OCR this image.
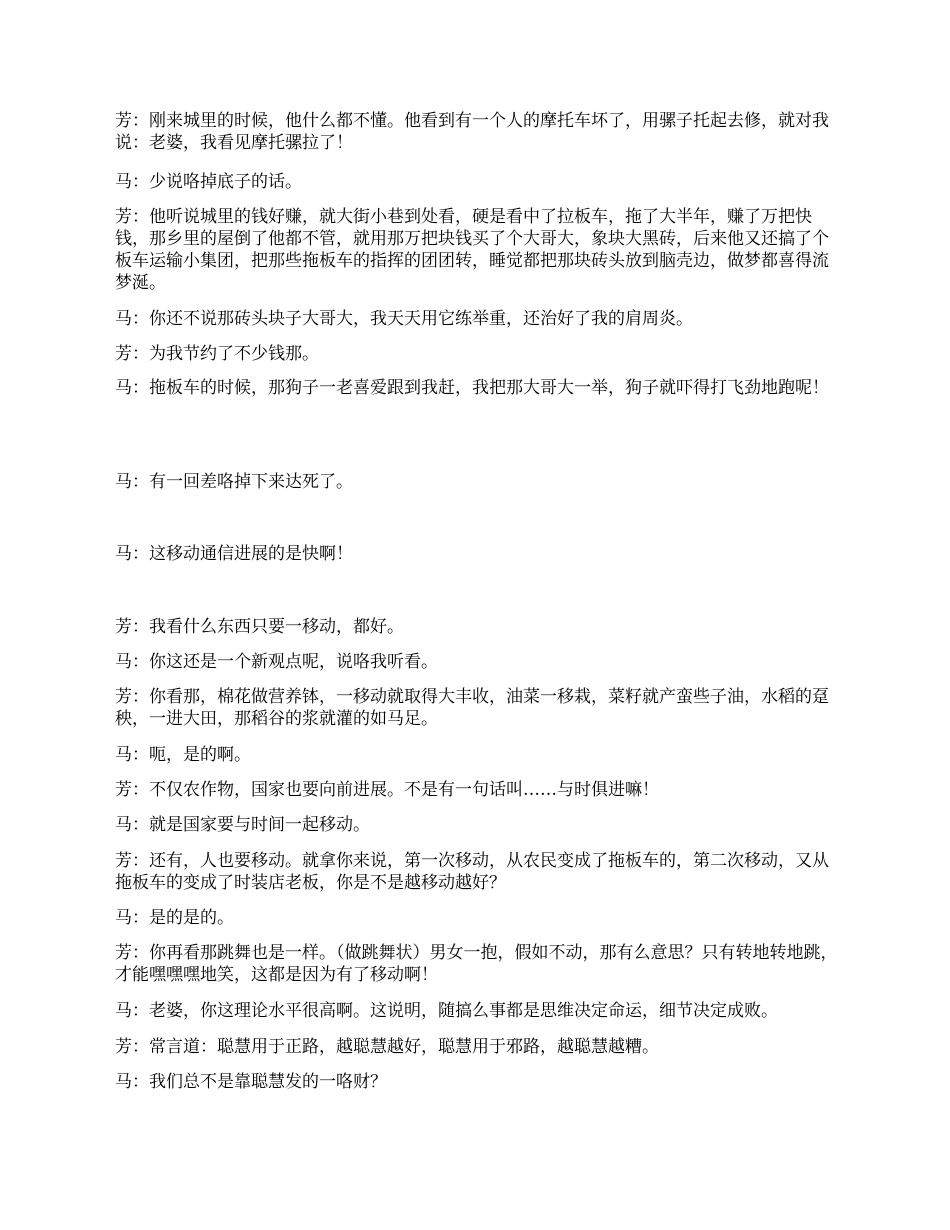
芳：刚来城里的时候，他什么都不懂。他看到有一个人的摩托车坏了，用骡子托起去修，就对我说：老婆，我看见摩托骡拉了！

马：少说咯掉底子的话。

芳：他听说城里的钱好赚，就大街小巷到处看，硬是看中了拉板车，拖了大半年，赚了万把快钱，那乡里的屋倒了他都不管，就用那万把块钱买了个大哥大，象块大黑砖，后来他又还搞了个板车运输小集团，把那些拖板车的指挥的团团转，睡觉都把那块砖头放到脑壳边，做梦都喜得流梦涎。

马：你还不说那砖头块子大哥大，我天天用它练举重，还治好了我的肩周炎。

芳：为我节约了不少钱那。

马：拖板车的时候，那狗子一老喜爱跟到我赶，我把那大哥大一举，狗子就吓得打飞劲地跑呢！

马：有一回差咯掉下来达死了。

马：这移动通信进展的是快啊！

芳：我看什么东西只要一移动，都好。

马：你这还是一个新观点呢，说咯我听看。

芳：你看那，棉花做营养钵，一移动就取得大丰收，油菜一移栽，菜籽就产蛮些子油，水稻的趸秧，一进大田，那稻谷的浆就灌的如马足。

马：呃，是的啊。

芳：不仅农作物，国家也要向前进展。不是有一句话叫……与时俱进嘛！

马：就是国家要与时间一起移动。

芳：还有，人也要移动。就拿你来说，第一次移动，从农民变成了拖板车的，第二次移动，又从拖板车的变成了时装店老板，你是不是越移动越好？

马：是的是的。

芳：你再看那跳舞也是一样。（做跳舞状）男女一抱，假如不动，那有么意思？只有转地转地跳，才能嘿嘿嘿地笑，这都是因为有了移动啊！

马：老婆，你这理论水平很高啊。这说明，随搞么事都是思维决定命运，细节决定成败。

芳：常言道：聪慧用于正路，越聪慧越好，聪慧用于邪路，越聪慧越糟。

马：我们总不是靠聪慧发的一咯财？
